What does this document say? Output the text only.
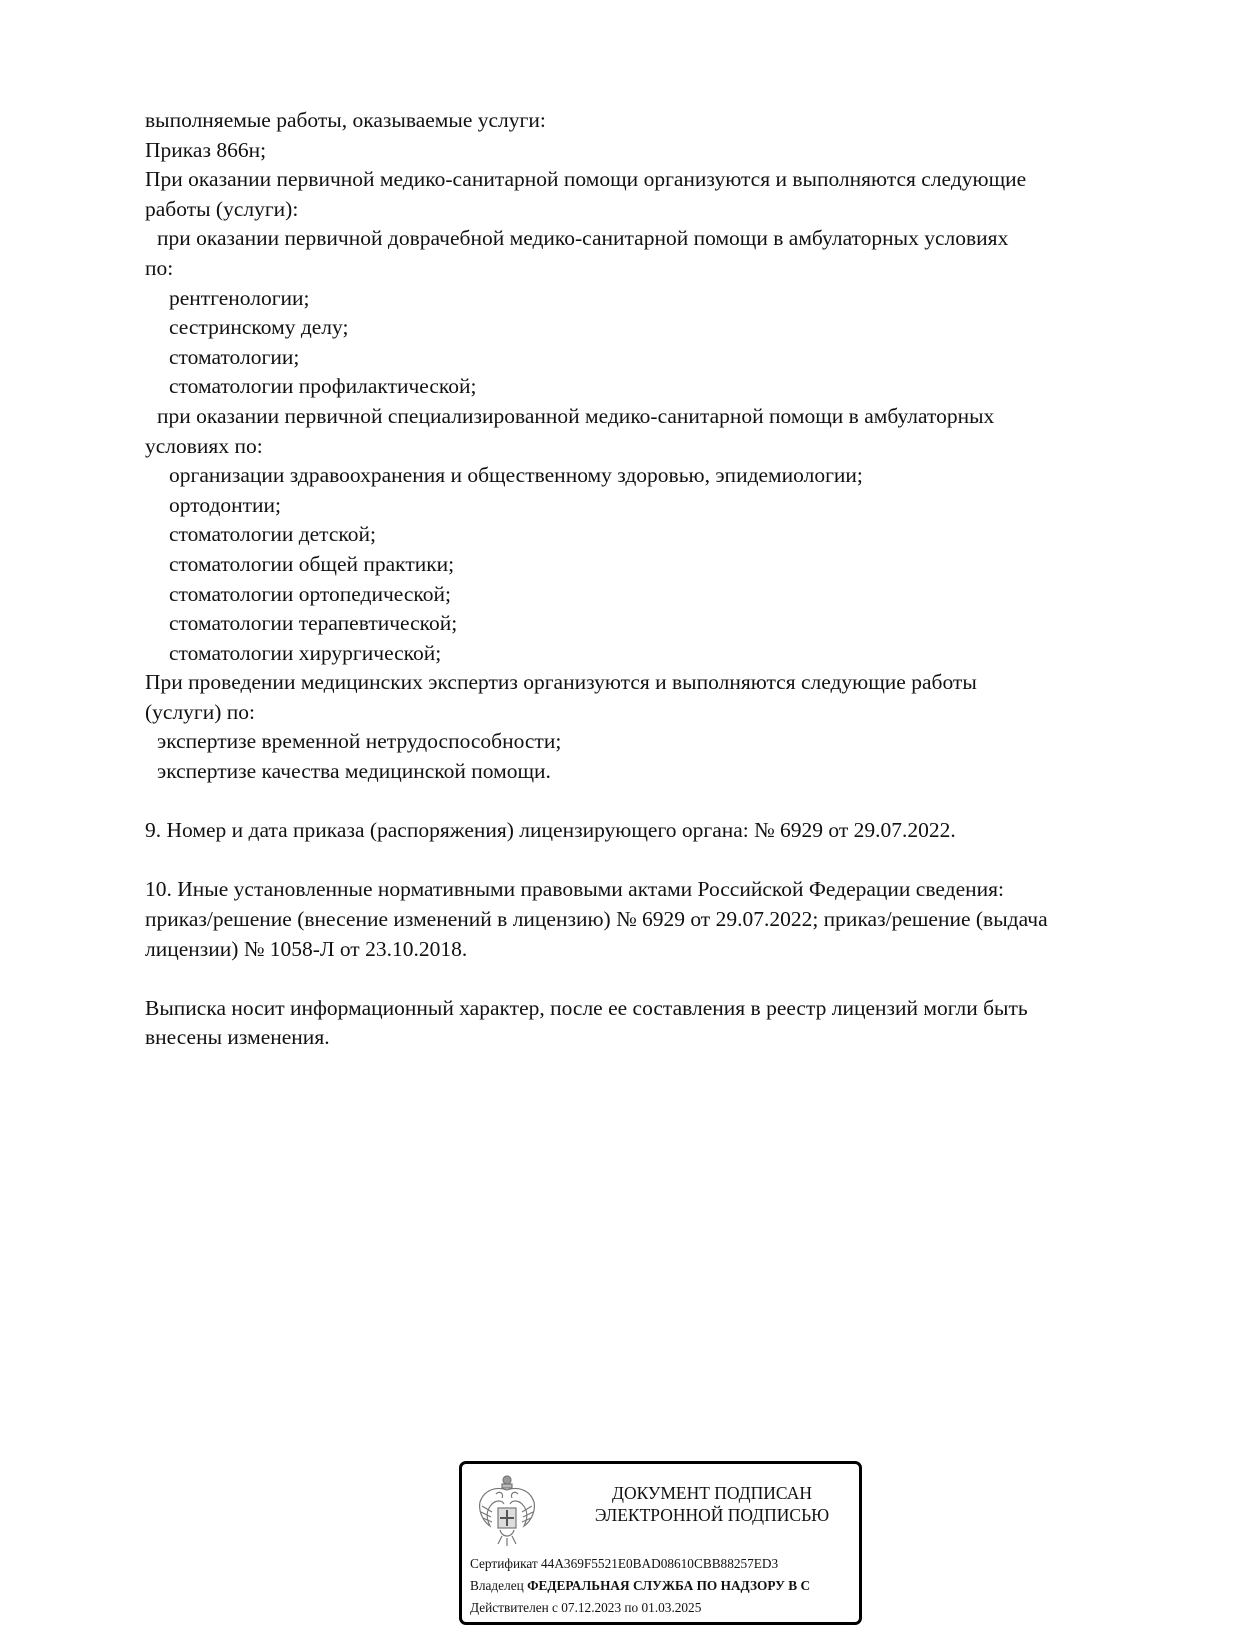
выполняемые работы, оказываемые услуги:
Приказ 866н;
При оказании первичной медико-санитарной помощи организуются и выполняются следующие
работы (услуги):
при оказании первичной доврачебной медико-санитарной помощи в амбулаторных условиях
по:
рентгенологии;
сестринскому делу;
стоматологии;
стоматологии профилактической;
при оказании первичной специализированной медико-санитарной помощи в амбулаторных
условиях по:
организации здравоохранения и общественному здоровью, эпидемиологии;
ортодонтии;
стоматологии детской;
стоматологии общей практики;
стоматологии ортопедической;
стоматологии терапевтической;
стоматологии хирургической;
При проведении медицинских экспертиз организуются и выполняются следующие работы
(услуги) по:
экспертизе временной нетрудоспособности;
экспертизе качества медицинской помощи.
9. Номер и дата приказа (распоряжения) лицензирующего органа: № 6929 от 29.07.2022.
10. Иные установленные нормативными правовыми актами Российской Федерации сведения:
приказ/решение (внесение изменений в лицензию) № 6929 от 29.07.2022; приказ/решение (выдача
лицензии) № 1058-Л от 23.10.2018.
Выписка носит информационный характер, после ее составления в реестр лицензий могли быть
внесены изменения.
ДОКУМЕНТ ПОДПИСАН
ЭЛЕКТРОННОЙ ПОДПИСЬЮ
Сертификат 44A369F5521E0BAD08610CBB88257ED3
Владелец ФЕДЕРАЛЬНАЯ СЛУЖБА ПО НАДЗОРУ В С
Действителен с 07.12.2023 по 01.03.2025
